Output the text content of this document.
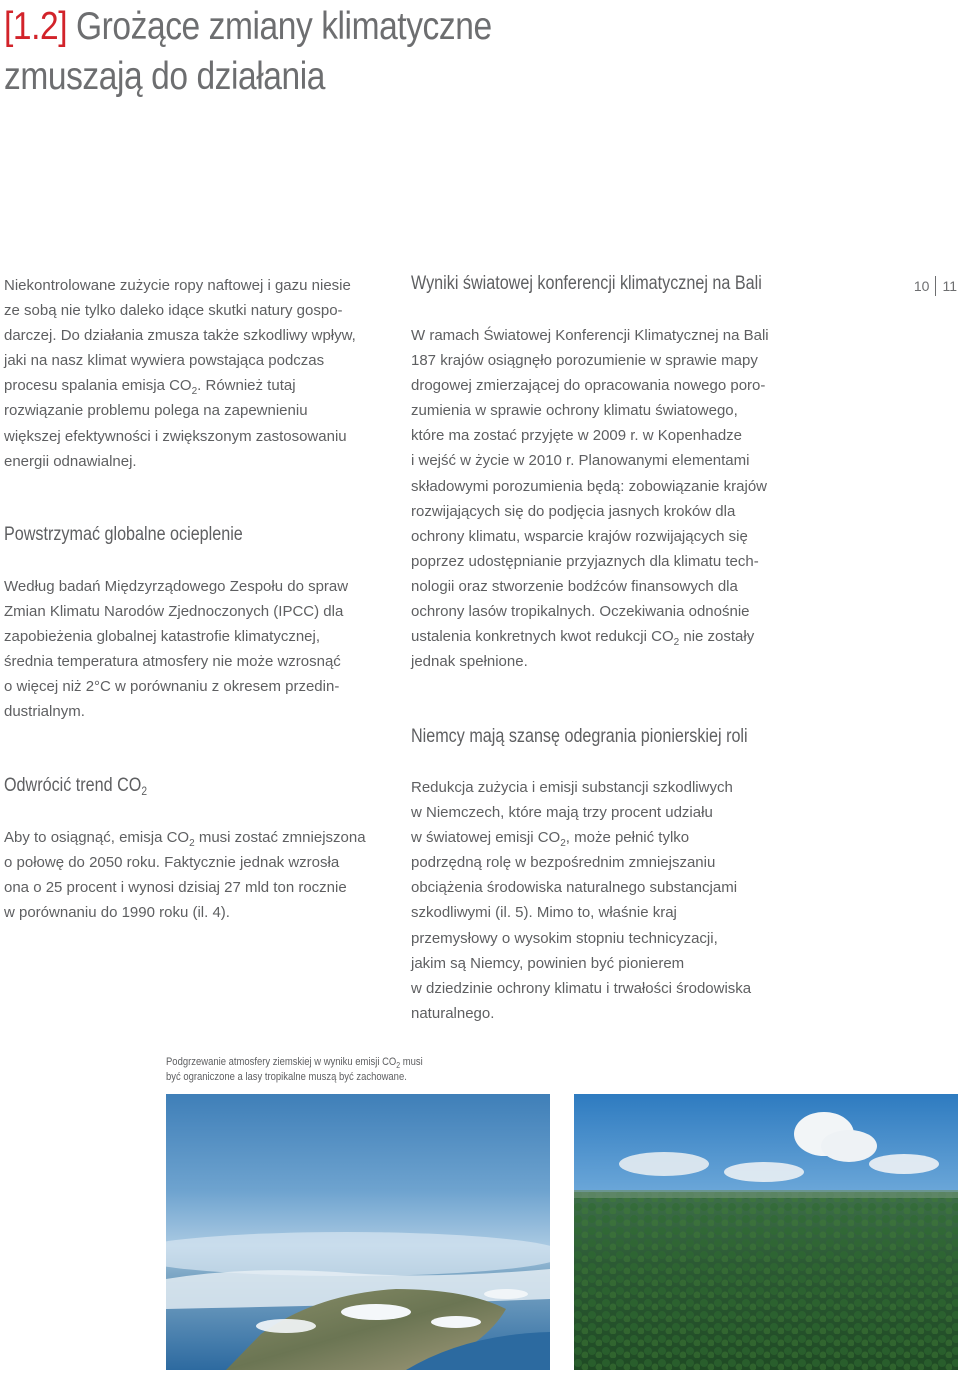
[1.2] Grożące zmiany klimatyczne
zmuszają do działania
10 11

Niekontrolowane zużycie ropy naftowej i gazu niesie
ze sobą nie tylko daleko idące skutki natury gospo-
darczej. Do działania zmusza także szkodliwy wpływ,
jaki na nasz klimat wywiera powstająca podczas
procesu spalania emisja $CO_2$. Również tutaj
rozwiązanie problemu polega na zapewnieniu
większej efektywności i zwiększonym zastosowaniu
energii odnawialnej.

Powstrzymać globalne ocieplenie

Według badań Międzyrządowego Zespołu do spraw
Zmian Klimatu Narodów Zjednoczonych (IPCC) dla
zapobieżenia globalnej katastrofie klimatycznej,
średnia temperatura atmosfery nie może wzrosnąć
o więcej niż 2°C w porównaniu z okresem przedin-
dustrialnym.

Odwrócić trend $CO_2$

Aby to osiągnąć, emisja $CO_2$ musi zostać zmniejszona
o połowę do 2050 roku. Faktycznie jednak wzrosła
ona o 25 procent i wynosi dzisiaj 27 mld ton rocznie
w porównaniu do 1990 roku (il. 4).

Wyniki światowej konferencji klimatycznej na Bali

W ramach Światowej Konferencji Klimatycznej na Bali
187 krajów osiągnęło porozumienie w sprawie mapy
drogowej zmierzającej do opracowania nowego poro-
zumienia w sprawie ochrony klimatu światowego,
które ma zostać przyjęte w 2009 r. w Kopenhadze
i wejść w życie w 2010 r. Planowanymi elementami
składowymi porozumienia będą: zobowiązanie krajów
rozwijających się do podjęcia jasnych kroków dla
ochrony klimatu, wsparcie krajów rozwijających się
poprzez udostępnianie przyjaznych dla klimatu tech-
nologii oraz stworzenie bodźców finansowych dla
ochrony lasów tropikalnych. Oczekiwania odnośnie
ustalenia konkretnych kwot redukcji $CO_2$ nie zostały
jednak spełnione.

Niemcy mają szansę odegrania pionierskiej roli

Redukcja zużycia i emisji substancji szkodliwych
w Niemczech, które mają trzy procent udziału
w światowej emisji $CO_2$, może pełnić tylko
podrzędną rolę w bezpośrednim zmniejszaniu
obciążenia środowiska naturalnego substancjami
szkodliwymi (il. 5). Mimo to, właśnie kraj
przemysłowy o wysokim stopniu technicyzacji,
jakim są Niemcy, powinien być pionierem
w dziedzinie ochrony klimatu i trwałości środowiska
naturalnego.

Podgrzewanie atmosfery ziemskiej w wyniku emisji $CO_2$ musi
być ograniczone a lasy tropikalne muszą być zachowane.
